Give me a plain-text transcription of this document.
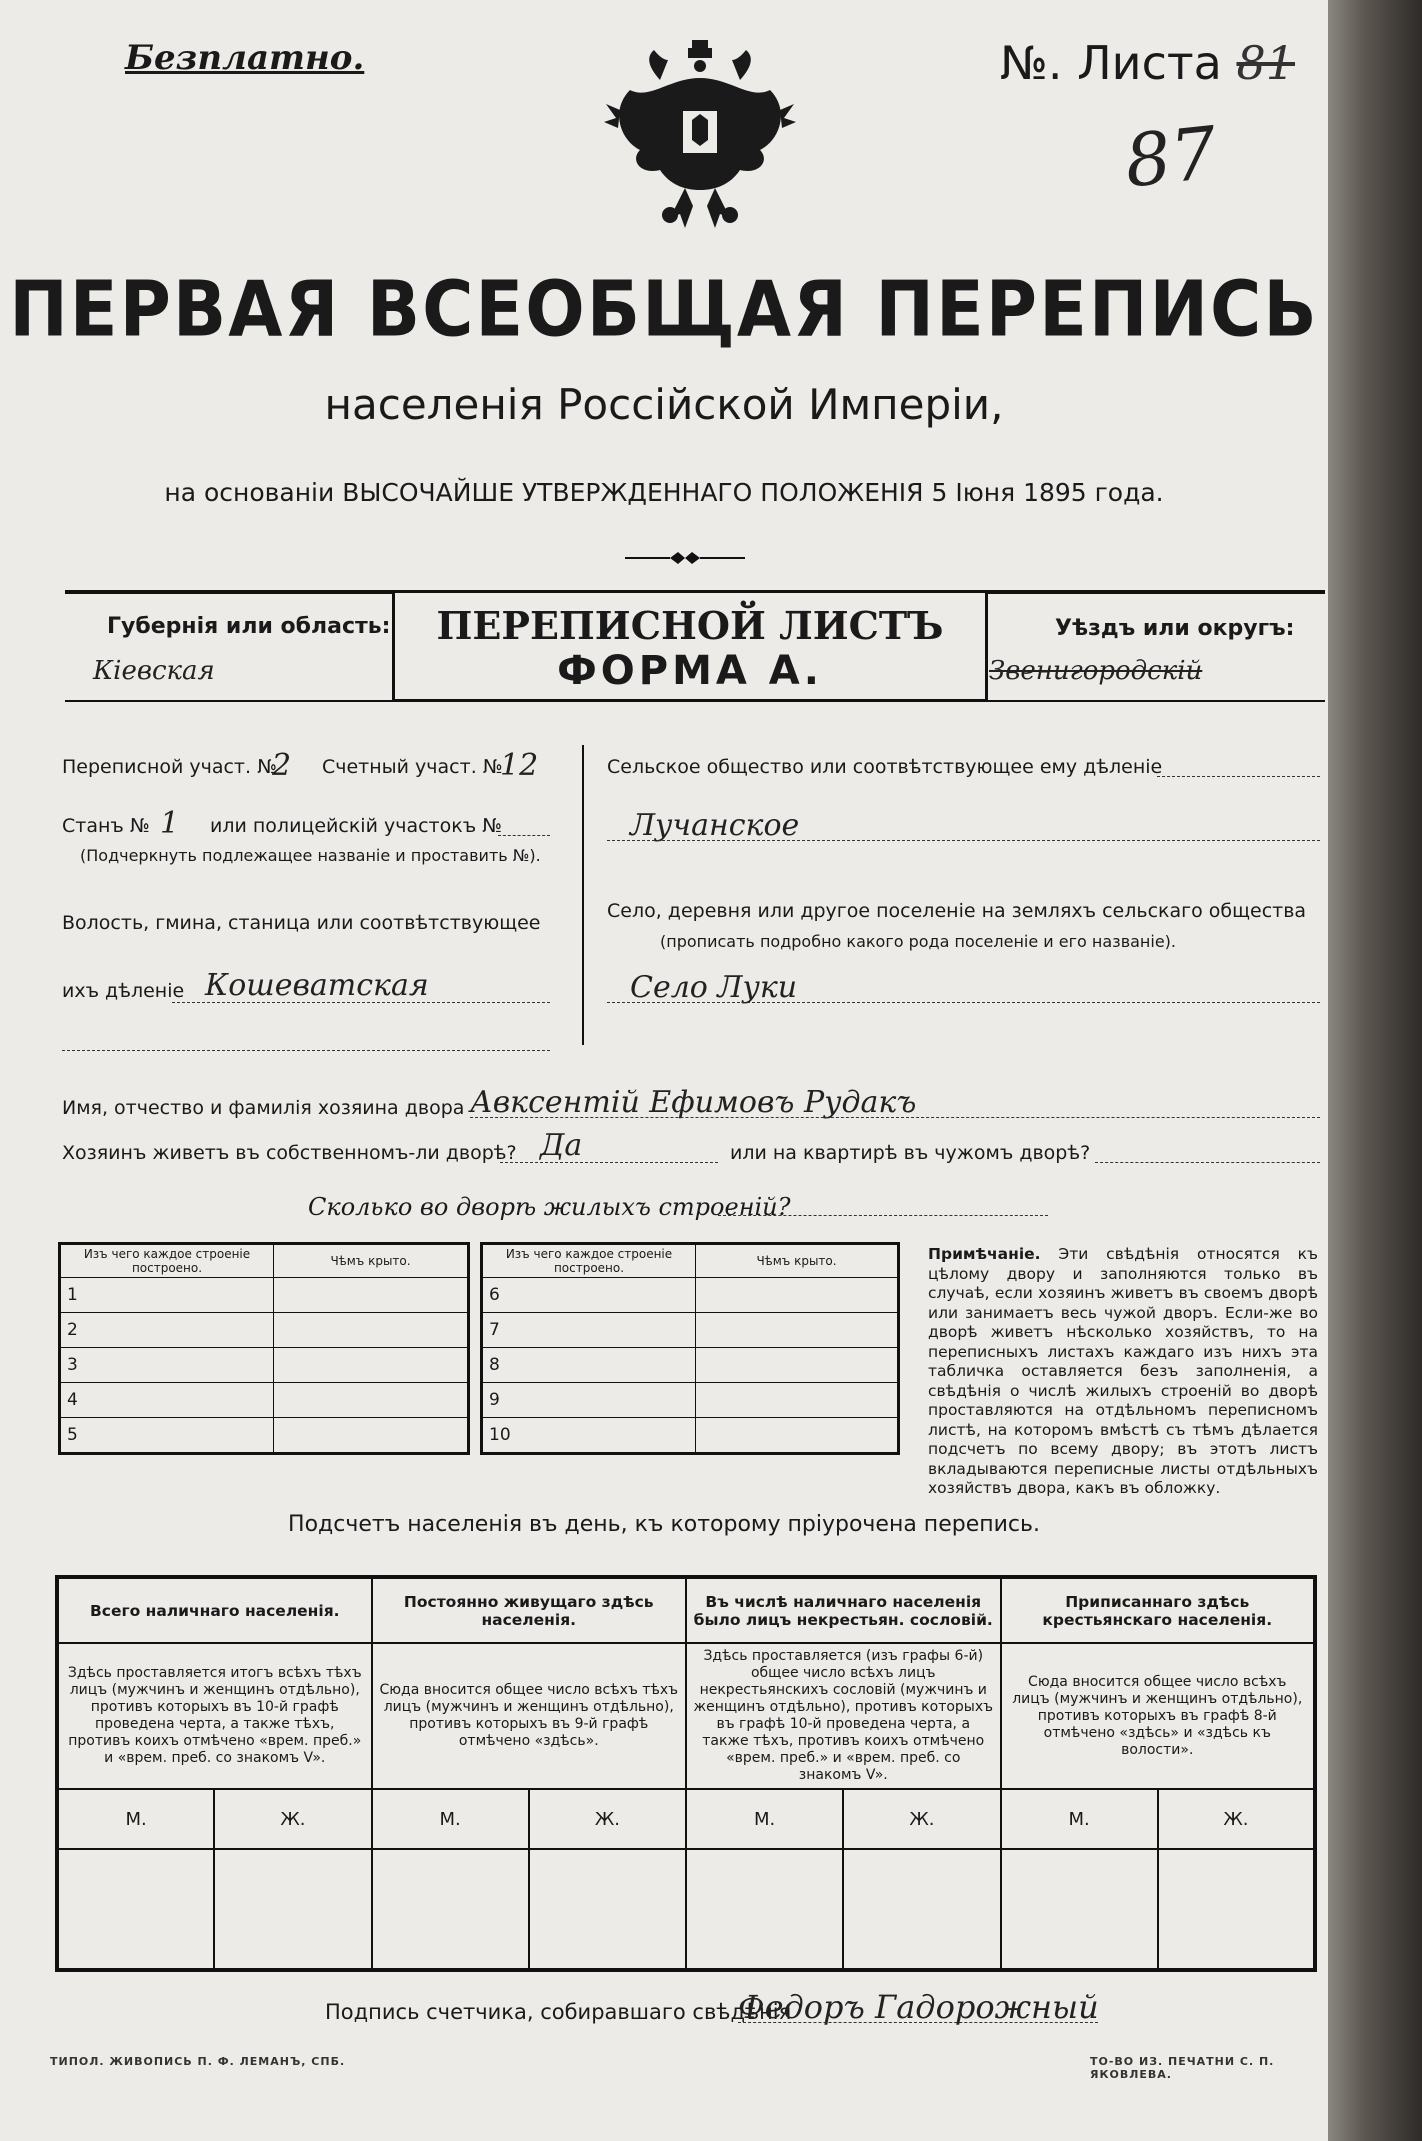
Безплатно.	№. Листа 81
87
ПЕРВАЯ ВСЕОБЩАЯ ПЕРЕПИСЬ
населенія Россійской Имперіи,
на основаніи ВЫСОЧАЙШЕ УТВЕРЖДЕННАГО ПОЛОЖЕНІЯ 5 Іюня 1895 года.
Губернія или область:
Кіевская
ПЕРЕПИСНОЙ ЛИСТЪ
ФОРМА А.
Уѣздъ или округъ:
Звенигородскій
Переписной участ. №
2 Счетный участ. №
12
Станъ № 1 или полицейскій участокъ №
(Подчеркнуть подлежащее названіе и проставить №).
Волость, гмина, станица или соотвѣтствующее
ихъ дѣленіе Кошеватская
Сельское общество или соотвѣтствующее ему дѣленіе
Лучанское
Село, деревня или другое поселеніе на земляхъ сельскаго общества
(прописать подробно какого рода поселеніе и его названіе).
Село Луки
Имя, отчество и фамилія хозяина двора Авксентій Ефимовъ Рудакъ
Хозяинъ живетъ въ собственномъ-ли дворѣ? Да	или на квартирѣ въ чужомъ дворѣ?
Сколько во дворѣ жилыхъ строеній?
Изъ чего каждое строеніе построено.	Чѣмъ крыто.
1	
2	
3	
4	
5	
Изъ чего каждое строеніе построено.	Чѣмъ крыто.
6	
7	
8	
9	
10	
Примѣчаніе. Эти свѣдѣнія относятся къ цѣлому двору и заполняются только въ случаѣ, если хозяинъ живетъ въ своемъ дворѣ или занимаетъ весь чужой дворъ. Если-же во дворѣ живетъ нѣсколько хозяйствъ, то на переписныхъ листахъ каждаго изъ нихъ эта табличка оставляется безъ заполненія, а свѣдѣнія о числѣ жилыхъ строеній во дворѣ проставляются на отдѣльномъ переписномъ листѣ, на которомъ вмѣстѣ съ тѣмъ дѣлается подсчетъ по всему двору; въ этотъ листъ вкладываются переписные листы отдѣльныхъ хозяйствъ двора, какъ въ обложку.
Подсчетъ населенія въ день, къ которому пріурочена перепись.
Всего наличнаго населенія.		Постоянно живущаго здѣсь населенія.		Въ числѣ наличнаго населенія было лицъ некрестьян. сословій.		Приписаннаго здѣсь крестьянскаго населенія.	
Здѣсь проставляется итогъ всѣхъ тѣхъ лицъ (мужчинъ и женщинъ отдѣльно), противъ которыхъ въ 10-й графѣ проведена черта, а также тѣхъ, противъ коихъ отмѣчено «врем. преб.» и «врем. преб. со знакомъ V».		Сюда вносится общее число всѣхъ тѣхъ лицъ (мужчинъ и женщинъ отдѣльно), противъ которыхъ въ 9-й графѣ отмѣчено «здѣсь».		Здѣсь проставляется (изъ графы 6-й) общее число всѣхъ лицъ некрестьянскихъ сословій (мужчинъ и женщинъ отдѣльно), противъ которыхъ въ графѣ 10-й проведена черта, а также тѣхъ, противъ коихъ отмѣчено «врем. преб.» и «врем. преб. со знакомъ V».		Сюда вносится общее число всѣхъ лицъ (мужчинъ и женщинъ отдѣльно), противъ которыхъ въ графѣ 8-й отмѣчено «здѣсь» и «здѣсь къ волости».	
М.	Ж.	М.	Ж.	М.	Ж.	М.	Ж.

Подпись счетчика, собиравшаго свѣдѣнія
Федоръ Гадорожный
ТИПОЛ. ЖИВОПИСЬ П. Ф. ЛЕМАНЪ, СПБ.	ТО-ВО ИЗ. ПЕЧАТНИ С. П. ЯКОВЛЕВА.
